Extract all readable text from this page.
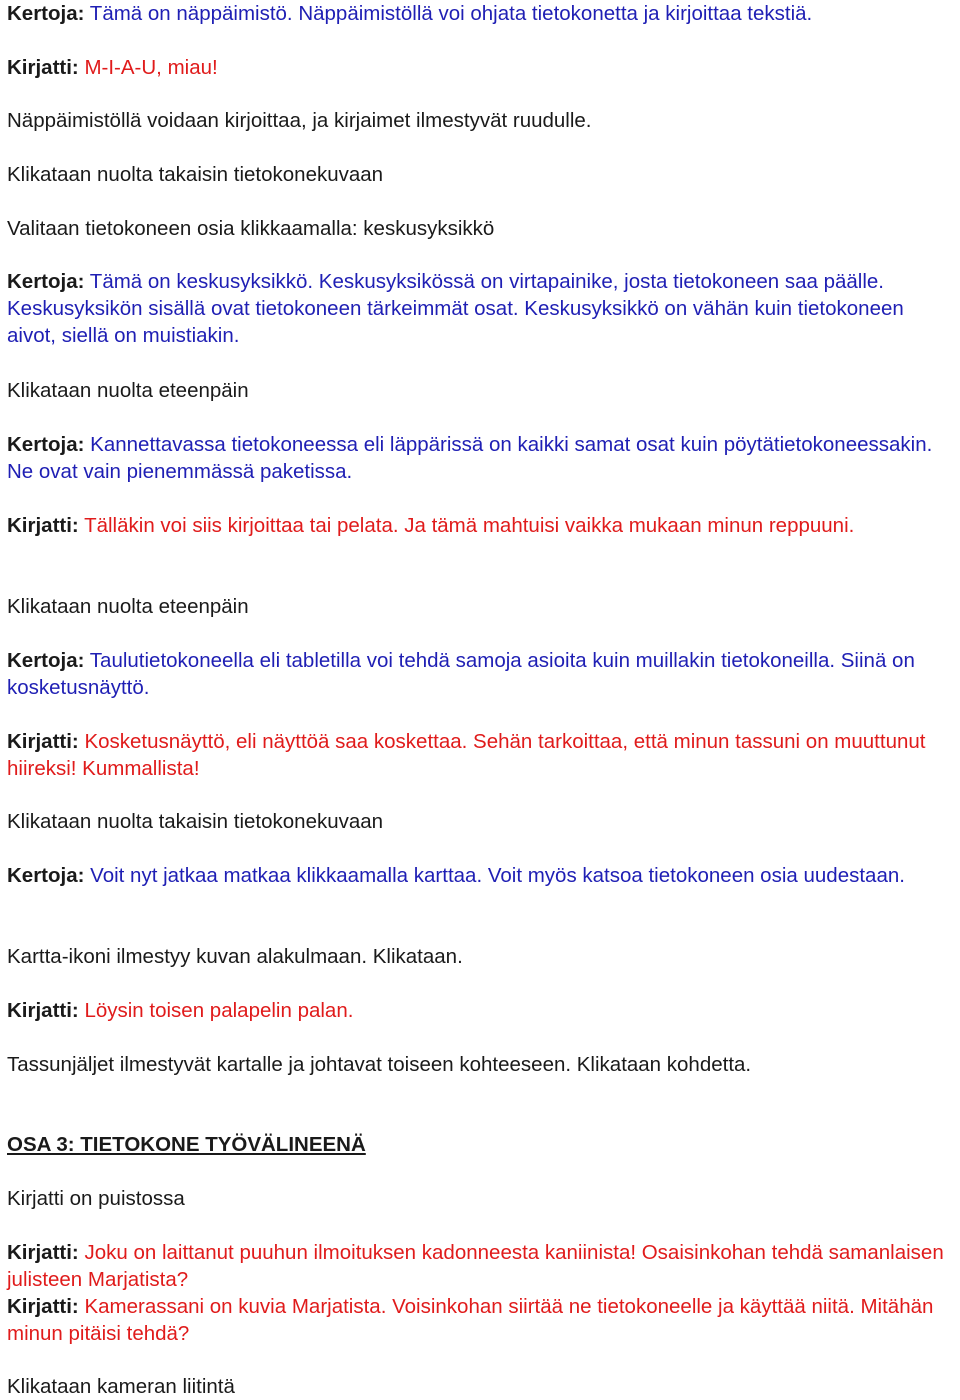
Kertoja: Tämä on näppäimistö. Näppäimistöllä voi ohjata tietokonetta ja kirjoittaa tekstiä.

Kirjatti: M-I-A-U, miau!

Näppäimistöllä voidaan kirjoittaa, ja kirjaimet ilmestyvät ruudulle.

Klikataan nuolta takaisin tietokonekuvaan

Valitaan tietokoneen osia klikkaamalla: keskusyksikkö

Kertoja: Tämä on keskusyksikkö. Keskusyksikössä on virtapainike, josta tietokoneen saa päälle. Keskusyksikön sisällä ovat tietokoneen tärkeimmät osat. Keskusyksikkö on vähän kuin tietokoneen aivot, siellä on muistiakin.

Klikataan nuolta eteenpäin

Kertoja: Kannettavassa tietokoneessa eli läppärissä on kaikki samat osat kuin pöytätietokoneessakin. Ne ovat vain pienemmässä paketissa.

Kirjatti: Tälläkin voi siis kirjoittaa tai pelata. Ja tämä mahtuisi vaikka mukaan minun reppuuni.

Klikataan nuolta eteenpäin

Kertoja: Taulutietokoneella eli tabletilla voi tehdä samoja asioita kuin muillakin tietokoneilla. Siinä on kosketusnäyttö.

Kirjatti: Kosketusnäyttö, eli näyttöä saa koskettaa. Sehän tarkoittaa, että minun tassuni on muuttunut hiireksi! Kummallista!

Klikataan nuolta takaisin tietokonekuvaan

Kertoja: Voit nyt jatkaa matkaa klikkaamalla karttaa. Voit myös katsoa tietokoneen osia uudestaan.

Kartta-ikoni ilmestyy kuvan alakulmaan. Klikataan.

Kirjatti: Löysin toisen palapelin palan.

Tassunjäljet ilmestyvät kartalle ja johtavat toiseen kohteeseen. Klikataan kohdetta.

OSA 3: TIETOKONE TYÖVÄLINEENÄ

Kirjatti on puistossa

Kirjatti: Joku on laittanut puuhun ilmoituksen kadonneesta kaniinista! Osaisinkohan tehdä samanlaisen julisteen Marjatista?

Kirjatti: Kamerassani on kuvia Marjatista. Voisinkohan siirtää ne tietokoneelle ja käyttää niitä. Mitähän minun pitäisi tehdä?

Klikataan kameran liitintä
